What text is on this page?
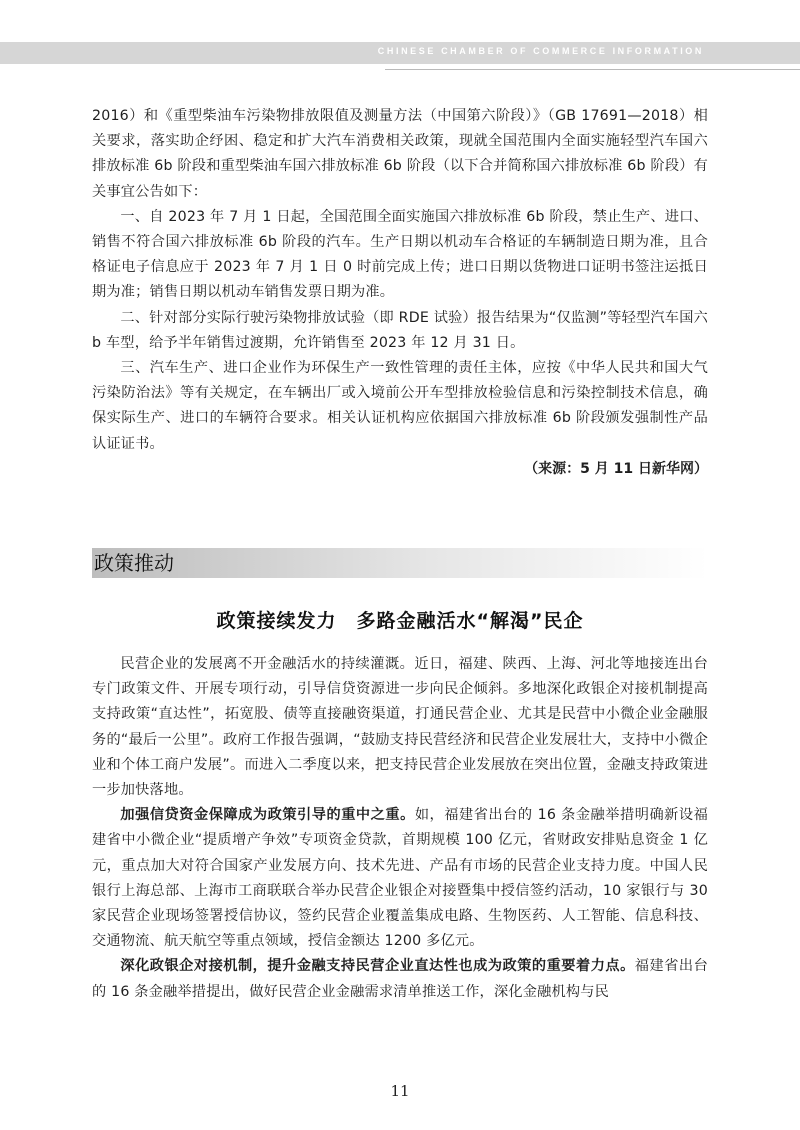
CHINESE CHAMBER OF COMMERCE INFORMATION

2016）和《重型柴油车污染物排放限值及测量方法（中国第六阶段）》（GB 17691—2018）相关要求，落实助企纾困、稳定和扩大汽车消费相关政策，现就全国范围内全面实施轻型汽车国六排放标准 6b 阶段和重型柴油车国六排放标准 6b 阶段（以下合并简称国六排放标准 6b 阶段）有关事宜公告如下：

一、自 2023 年 7 月 1 日起，全国范围全面实施国六排放标准 6b 阶段，禁止生产、进口、销售不符合国六排放标准 6b 阶段的汽车。生产日期以机动车合格证的车辆制造日期为准，且合格证电子信息应于 2023 年 7 月 1 日 0 时前完成上传；进口日期以货物进口证明书签注运抵日期为准；销售日期以机动车销售发票日期为准。

二、针对部分实际行驶污染物排放试验（即 RDE 试验）报告结果为“仅监测”等轻型汽车国六 b 车型，给予半年销售过渡期，允许销售至 2023 年 12 月 31 日。

三、汽车生产、进口企业作为环保生产一致性管理的责任主体，应按《中华人民共和国大气污染防治法》等有关规定，在车辆出厂或入境前公开车型排放检验信息和污染控制技术信息，确保实际生产、进口的车辆符合要求。相关认证机构应依据国六排放标准 6b 阶段颁发强制性产品认证证书。

（来源：5 月 11 日新华网）

政策推动
政策接续发力　多路金融活水“解渴”民企

民营企业的发展离不开金融活水的持续灌溉。近日，福建、陕西、上海、河北等地接连出台专门政策文件、开展专项行动，引导信贷资源进一步向民企倾斜。多地深化政银企对接机制提高支持政策“直达性”，拓宽股、债等直接融资渠道，打通民营企业、尤其是民营中小微企业金融服务的“最后一公里”。政府工作报告强调，“鼓励支持民营经济和民营企业发展壮大，支持中小微企业和个体工商户发展”。而进入二季度以来，把支持民营企业发展放在突出位置，金融支持政策进一步加快落地。

加强信贷资金保障成为政策引导的重中之重。如，福建省出台的 16 条金融举措明确新设福建省中小微企业“提质增产争效”专项资金贷款，首期规模 100 亿元，省财政安排贴息资金 1 亿元，重点加大对符合国家产业发展方向、技术先进、产品有市场的民营企业支持力度。中国人民银行上海总部、上海市工商联联合举办民营企业银企对接暨集中授信签约活动，10 家银行与 30 家民营企业现场签署授信协议，签约民营企业覆盖集成电路、生物医药、人工智能、信息科技、交通物流、航天航空等重点领域，授信金额达 1200 多亿元。

深化政银企对接机制，提升金融支持民营企业直达性也成为政策的重要着力点。福建省出台的 16 条金融举措提出，做好民营企业金融需求清单推送工作，深化金融机构与民

11
